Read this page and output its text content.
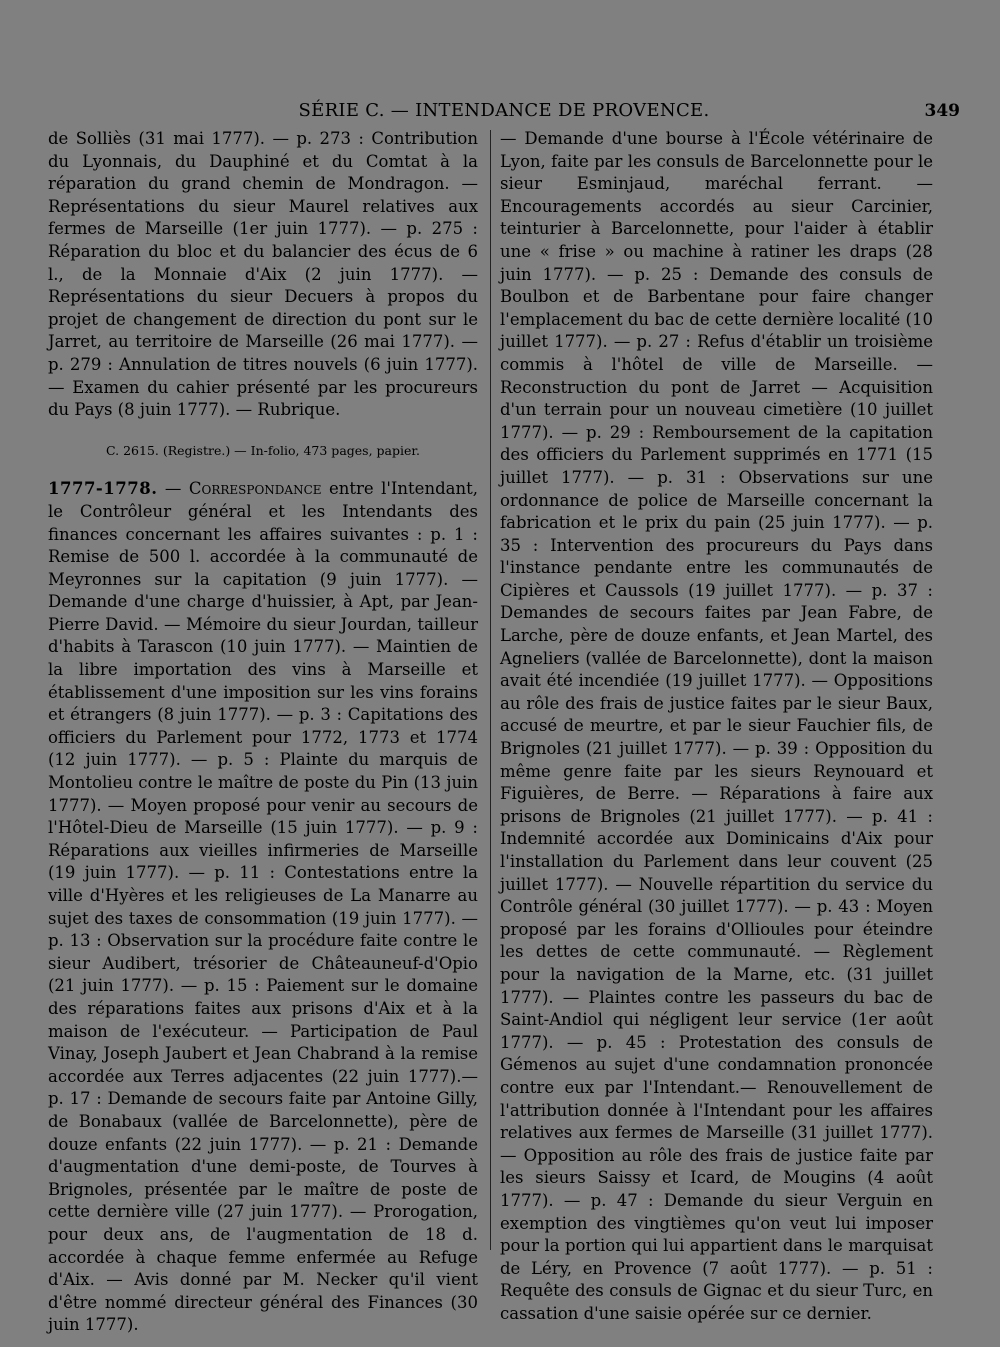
SÉRIE C. — INTENDANCE DE PROVENCE.	349

de Solliès (31 mai 1777). — p. 273 : Contribution du Lyonnais, du Dauphiné et du Comtat à la réparation du grand chemin de Mondragon. — Représentations du sieur Maurel relatives aux fermes de Marseille (1er juin 1777). — p. 275 : Réparation du bloc et du balancier des écus de 6 l., de la Monnaie d'Aix (2 juin 1777). — Représentations du sieur Decuers à propos du projet de changement de direction du pont sur le Jarret, au territoire de Marseille (26 mai 1777). — p. 279 : Annulation de titres nouvels (6 juin 1777). — Examen du cahier présenté par les procureurs du Pays (8 juin 1777). — Rubrique.

C. 2615. (Registre.) — In-folio, 473 pages, papier.

1777-1778. — Correspondance entre l'Intendant, le Contrôleur général et les Intendants des finances concernant les affaires suivantes : p. 1 : Remise de 500 l. accordée à la communauté de Meyronnes sur la capitation (9 juin 1777). — Demande d'une charge d'huissier, à Apt, par Jean-Pierre David. — Mémoire du sieur Jourdan, tailleur d'habits à Tarascon (10 juin 1777). — Maintien de la libre importation des vins à Marseille et établissement d'une imposition sur les vins forains et étrangers (8 juin 1777). — p. 3 : Capitations des officiers du Parlement pour 1772, 1773 et 1774 (12 juin 1777). — p. 5 : Plainte du marquis de Montolieu contre le maître de poste du Pin (13 juin 1777). — Moyen proposé pour venir au secours de l'Hôtel-Dieu de Marseille (15 juin 1777). — p. 9 : Réparations aux vieilles infirmeries de Marseille (19 juin 1777). — p. 11 : Contestations entre la ville d'Hyères et les religieuses de La Manarre au sujet des taxes de consommation (19 juin 1777). — p. 13 : Observation sur la procédure faite contre le sieur Audibert, trésorier de Châteauneuf-d'Opio (21 juin 1777). — p. 15 : Paiement sur le domaine des réparations faites aux prisons d'Aix et à la maison de l'exécuteur. — Participation de Paul Vinay, Joseph Jaubert et Jean Chabrand à la remise accordée aux Terres adjacentes (22 juin 1777).— p. 17 : Demande de secours faite par Antoine Gilly, de Bonabaux (vallée de Barcelonnette), père de douze enfants (22 juin 1777). — p. 21 : Demande d'augmentation d'une demi-poste, de Tourves à Brignoles, présentée par le maître de poste de cette dernière ville (27 juin 1777). — Prorogation, pour deux ans, de l'augmentation de 18 d. accordée à chaque femme enfermée au Refuge d'Aix. — Avis donné par M. Necker qu'il vient d'être nommé directeur général des Finances (30 juin 1777).

— Demande d'une bourse à l'École vétérinaire de Lyon, faite par les consuls de Barcelonnette pour le sieur Esminjaud, maréchal ferrant. — Encouragements accordés au sieur Carcinier, teinturier à Barcelonnette, pour l'aider à établir une « frise » ou machine à ratiner les draps (28 juin 1777). — p. 25 : Demande des consuls de Boulbon et de Barbentane pour faire changer l'emplacement du bac de cette dernière localité (10 juillet 1777). — p. 27 : Refus d'établir un troisième commis à l'hôtel de ville de Marseille. — Reconstruction du pont de Jarret — Acquisition d'un terrain pour un nouveau cimetière (10 juillet 1777). — p. 29 : Remboursement de la capitation des officiers du Parlement supprimés en 1771 (15 juillet 1777). — p. 31 : Observations sur une ordonnance de police de Marseille concernant la fabrication et le prix du pain (25 juin 1777). — p. 35 : Intervention des procureurs du Pays dans l'instance pendante entre les communautés de Cipières et Caussols (19 juillet 1777). — p. 37 : Demandes de secours faites par Jean Fabre, de Larche, père de douze enfants, et Jean Martel, des Agneliers (vallée de Barcelonnette), dont la maison avait été incendiée (19 juillet 1777). — Oppositions au rôle des frais de justice faites par le sieur Baux, accusé de meurtre, et par le sieur Fauchier fils, de Brignoles (21 juillet 1777). — p. 39 : Opposition du même genre faite par les sieurs Reynouard et Figuières, de Berre. — Réparations à faire aux prisons de Brignoles (21 juillet 1777). — p. 41 : Indemnité accordée aux Dominicains d'Aix pour l'installation du Parlement dans leur couvent (25 juillet 1777). — Nouvelle répartition du service du Contrôle général (30 juillet 1777). — p. 43 : Moyen proposé par les forains d'Ollioules pour éteindre les dettes de cette communauté. — Règlement pour la navigation de la Marne, etc. (31 juillet 1777). — Plaintes contre les passeurs du bac de Saint-Andiol qui négligent leur service (1er août 1777). — p. 45 : Protestation des consuls de Gémenos au sujet d'une condamnation prononcée contre eux par l'Intendant.— Renouvellement de l'attribution donnée à l'Intendant pour les affaires relatives aux fermes de Marseille (31 juillet 1777). — Opposition au rôle des frais de justice faite par les sieurs Saissy et Icard, de Mougins (4 août 1777). — p. 47 : Demande du sieur Verguin en exemption des vingtièmes qu'on veut lui imposer pour la portion qui lui appartient dans le marquisat de Léry, en Provence (7 août 1777). — p. 51 : Requête des consuls de Gignac et du sieur Turc, en cassation d'une saisie opérée sur ce dernier.
